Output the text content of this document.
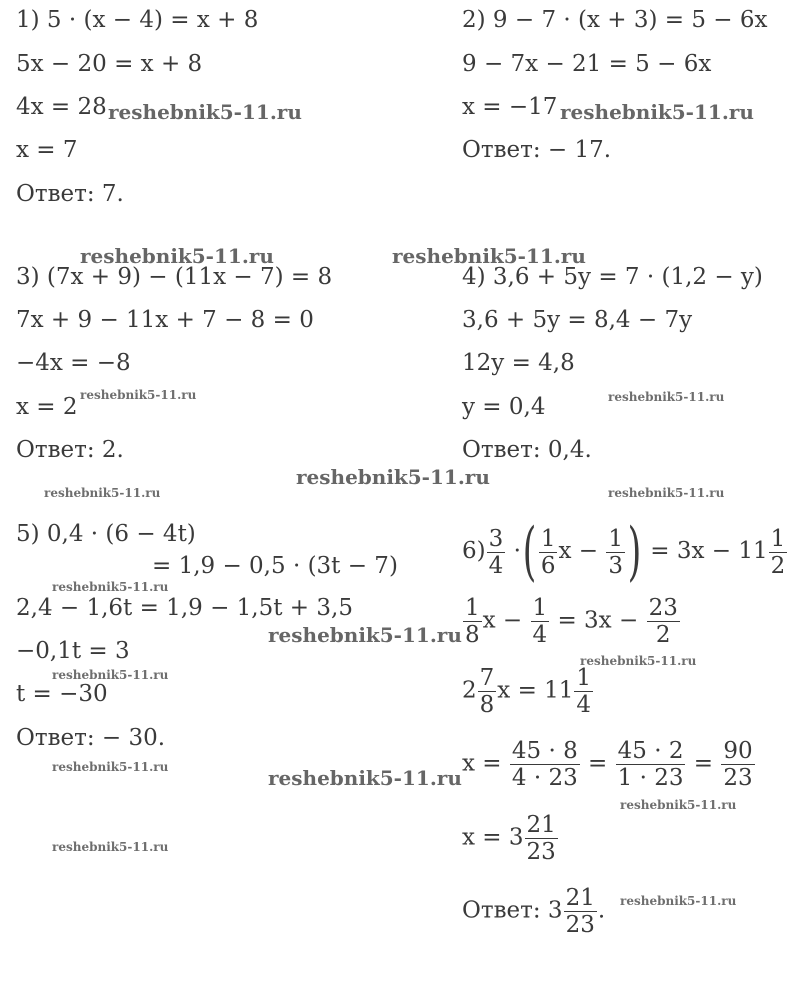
1) 5 · (x − 4) = x + 8
5x − 20 = x + 8
4x = 28
x = 7
Ответ: 7.
2) 9 − 7 · (x + 3) = 5 − 6x
9 − 7x − 21 = 5 − 6x
x = −17
Ответ: − 17.
3) (7x + 9) − (11x − 7) = 8
7x + 9 − 11x + 7 − 8 = 0
−4x = −8
x = 2
Ответ: 2.
4) 3,6 + 5y = 7 · (1,2 − y)
3,6 + 5y = 8,4 − 7y
12y = 4,8
y = 0,4
Ответ: 0,4.
5) 0,4 · (6 − 4t)
= 1,9 − 0,5 · (3t − 7)
2,4 − 1,6t = 1,9 − 1,5t + 3,5
−0,1t = 3
t = −30
Ответ: − 30.
$6) \frac{3}{4}$ ·( $\frac{1}{6}$ $x - \frac{1}{3}$ ) = $3x - 11 \frac{1}{2}$
$\frac{1}{8}$ $x - \frac{1}{4} = 3x - \frac{23}{2}$
$2 \frac{7}{8}$ $x = 11 \frac{1}{4}$
$x = \frac{45 \cdot 8}{4 \cdot 23} = \frac{45 \cdot 2}{1 \cdot 23} = \frac{90}{23}$
$x = 3 \frac{21}{23}$
Ответ: $3 \frac{21}{23}$ .
reshebnik5-11.ru	reshebnik5-11.ru
reshebnik5-11.ru	reshebnik5-11.ru
reshebnik5-11.ru	reshebnik5-11.ru
reshebnik5-11.ru
reshebnik5-11.ru	reshebnik5-11.ru
reshebnik5-11.ru
reshebnik5-11.ru
reshebnik5-11.ru
reshebnik5-11.ru
reshebnik5-11.ru	reshebnik5-11.ru
reshebnik5-11.ru
reshebnik5-11.ru
reshebnik5-11.ru
